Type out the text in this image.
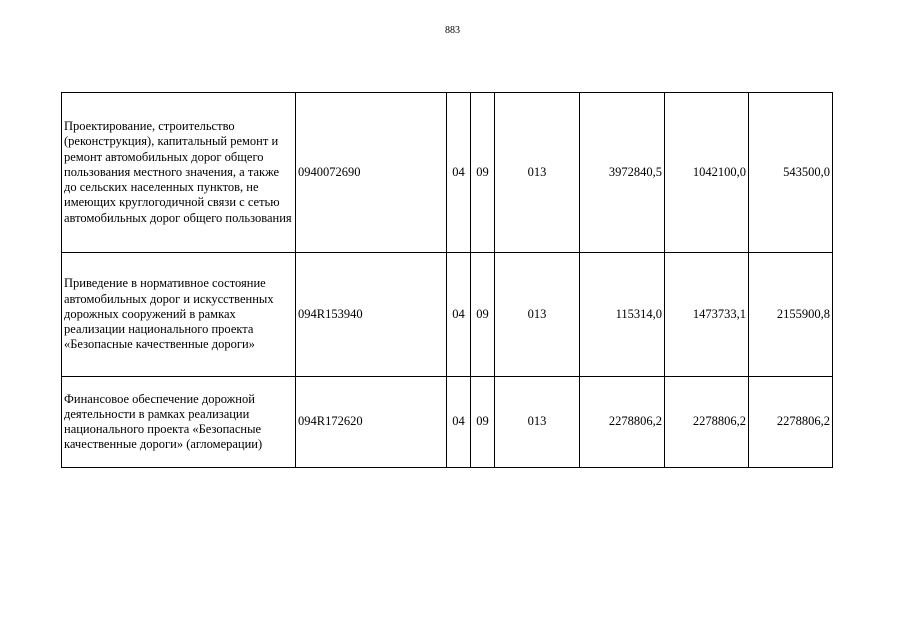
883
Проектирование, строительство (реконструкция), капитальный ремонт и ремонт автомобильных дорог общего пользования местного значения, а также до сельских населенных пунктов, не имеющих круглогодичной связи с сетью автомобильных дорог общего пользования	0940072690	04	09	013	3972840,5	1042100,0	543500,0
Приведение в нормативное состояние автомобильных дорог и искусственных дорожных сооружений в рамках реализации национального проекта «Безопасные качественные дороги»	094R153940	04	09	013	115314,0	1473733,1	2155900,8
Финансовое обеспечение дорожной деятельности в рамках реализации национального проекта «Безопасные качественные дороги» (агломерации)	094R172620	04	09	013	2278806,2	2278806,2	2278806,2
